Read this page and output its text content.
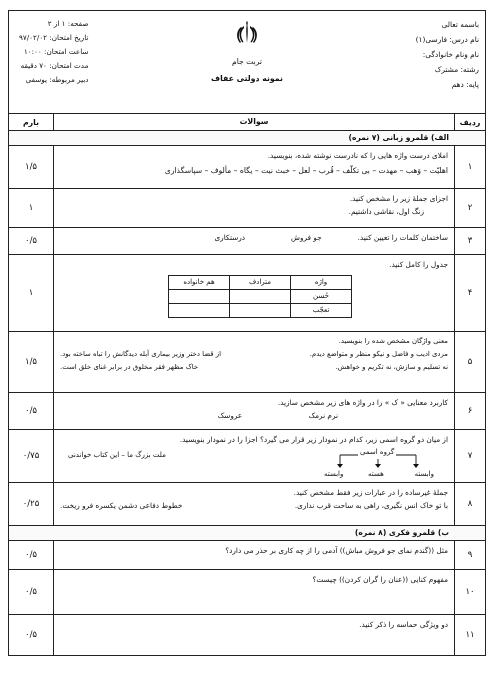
باسمه تعالی
نام درس: فارسی(۱)
نام ونام خانوادگی:
رشته: مشترک
پایه: دهم
تربت جام
نمونه دولتی عفاف
صفحه: ۱ از ۲
تاریخ امتحان: ۹۷/۰۲/۰۲
ساعت امتحان: ۱۰:۰۰
مدت امتحان: ۷۰ دقیقه
دبیر مربوطه: یوسفی
ردیف
سوالات
بارم
الف) قلمرو زبانی (۷ نمره)
۱
املای درست واژه هایی را که نادرست نوشته شده، بنویسید.
اهلیّت – وَهب – مهدت – بی تکلّف – قُرب – لعل – خبث نیت – یگاه – مألوف – سپاسگذاری
۱/۵
۲
اجزای جملهٔ زیر را مشخص کنید.
زنگ اول، نقاشی داشتیم.
۱
۳
ساختمان کلمات را تعیین کنید.
جو فروش
درستکاری
۰/۵
۴
جدول را کامل کنید.
واژه	مترادف	هم خانواده
حُسن		
تعجّب		
۱
۵
معنی واژگان مشخص شده را بنویسید.
مردی ادیب و فاضل و نیکو منظر و متواضع دیدم.
از قضا دختر وزیر بیماری آبله دیدگانش را تباه ساخته بود.
نه تسلیم و سازش، نه تکریم و خواهش.
خاک مظهر فقر مخلوق در برابر غنای خلق است.
۱/۵
۶
کاربرد معنایی « ک » را در واژه های زیر مشخص سازید.
نرم نرمک عروسک
۰/۵
۷
از میان دو گروه اسمی زیر، کدام در نمودار زیر قرار می گیرد؟ اجزا را در نمودار بنویسید.
ملت بزرگ ما – این کتاب خواندنی	گروه اسمی
وابسته
هسته
وابسته
۰/۷۵
۸
جملهٔ غیرساده را در عبارات زیر فقط مشخص کنید.
با تو خاک انس نگیری، راهی به ساحت قرب نداری.
خطوط دفاعی دشمن یکسره فرو ریخت.
۰/۲۵
ب) قلمرو فکری (۸ نمره)
۹
مثل ((گندم نمای جو فروش مباش)) آدمی را از چه کاری بر حذر می دارد؟
۰/۵
۱۰
مفهوم کنایی ((عنان را گران کردن)) چیست؟
۰/۵
۱۱
دو ویژگی حماسه را ذکر کنید.
۰/۵
